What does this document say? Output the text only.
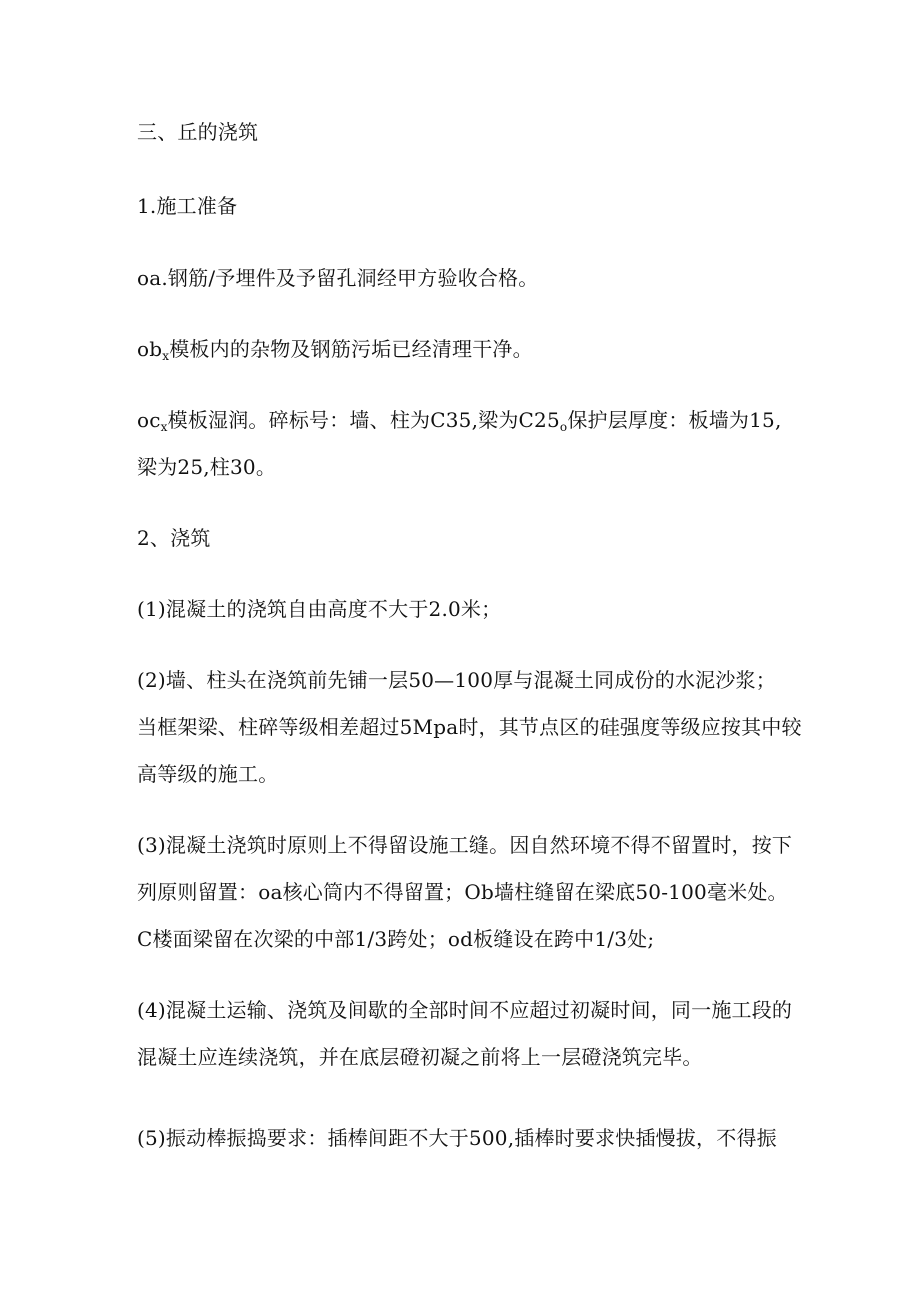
三、丘的浇筑
1.施工准备
oa.钢筋/予埋件及予留孔洞经甲方验收合格。
$ob_x$模板内的杂物及钢筋污垢已经清理干净。
$oc_x$模板湿润。碎标号：墙、柱为C35,梁为$C25_o$保护层厚度：板墙为15,
梁为25,柱30。
2、浇筑
(1)混凝土的浇筑自由高度不大于2.0米；
(2)墙、柱头在浇筑前先铺一层50—100厚与混凝土同成份的水泥沙浆；
当框架梁、柱碎等级相差超过5Mpa时，其节点区的硅强度等级应按其中较
高等级的施工。
(3)混凝土浇筑时原则上不得留设施工缝。因自然环境不得不留置时，按下
列原则留置：oa核心筒内不得留置；Ob墙柱缝留在梁底50-100毫米处。
C楼面梁留在次梁的中部1/3跨处；od板缝设在跨中1/3处;
(4)混凝土运输、浇筑及间歇的全部时间不应超过初凝时间，同一施工段的
混凝土应连续浇筑，并在底层磴初凝之前将上一层磴浇筑完毕。
(5)振动棒振捣要求：插棒间距不大于500,插棒时要求快插慢拔，不得振
